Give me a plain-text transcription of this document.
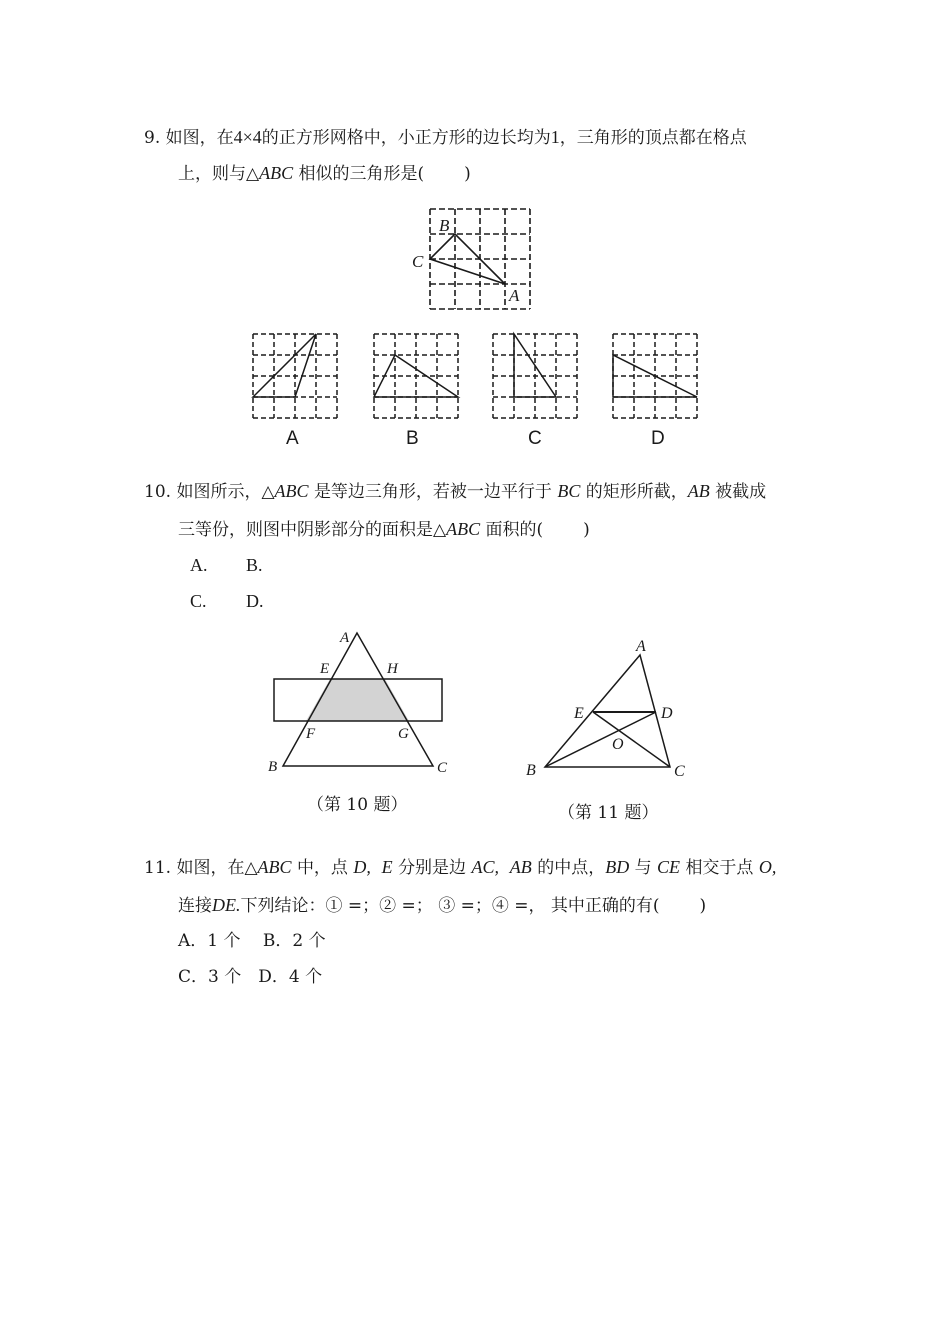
9. 如图，在4×4的正方形网格中，小正方形的边长均为1，三角形的顶点都在格点
上，则与△ABC 相似的三角形是( )
10. 如图所示，△ABC 是等边三角形，若被一边平行于 BC 的矩形所截，AB 被截成
三等份，则图中阴影部分的面积是△ABC 面积的( )
A. B.
C. D.
11. 如图，在△ABC 中，点 D, E 分别是边 AC, AB 的中点，BD 与 CE 相交于点 O,
连接DE.下列结论：① =；② =； ③ =；④ =， 其中正确的有( )
A．1 个　 B．2 个
C．3 个　D．4 个
B
C
A
A	B	C	D
A
E	H
F	G
B	C
（第 10 题）
A
E	D
O
B	C
（第 11 题）
